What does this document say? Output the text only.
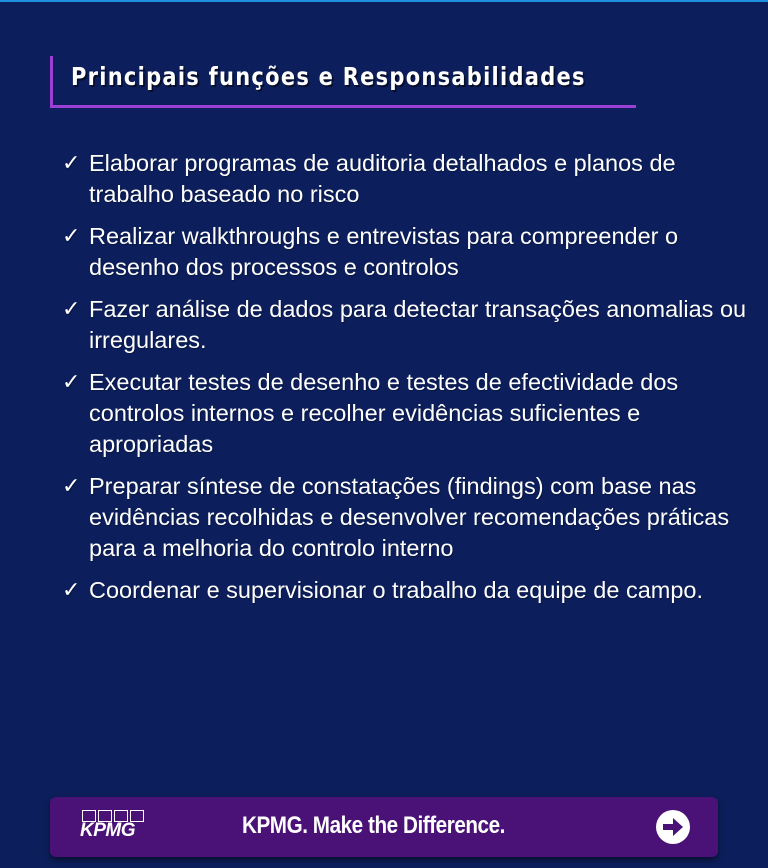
Principais funções e Responsabilidades
✓ Elaborar programas de auditoria detalhados e planos de trabalho baseado no risco
✓ Realizar walkthroughs e entrevistas para compreender o desenho dos processos e controlos
✓ Fazer análise de dados para detectar transações anomalias ou irregulares.
✓ Executar testes de desenho e testes de efectividade dos controlos internos e recolher evidências suficientes e apropriadas
✓ Preparar síntese de constatações (findings) com base nas evidências recolhidas e desenvolver recomendações práticas para a melhoria do controlo interno
✓ Coordenar e supervisionar o trabalho da equipe de campo.
KPMG	KPMG. Make the Difference.
